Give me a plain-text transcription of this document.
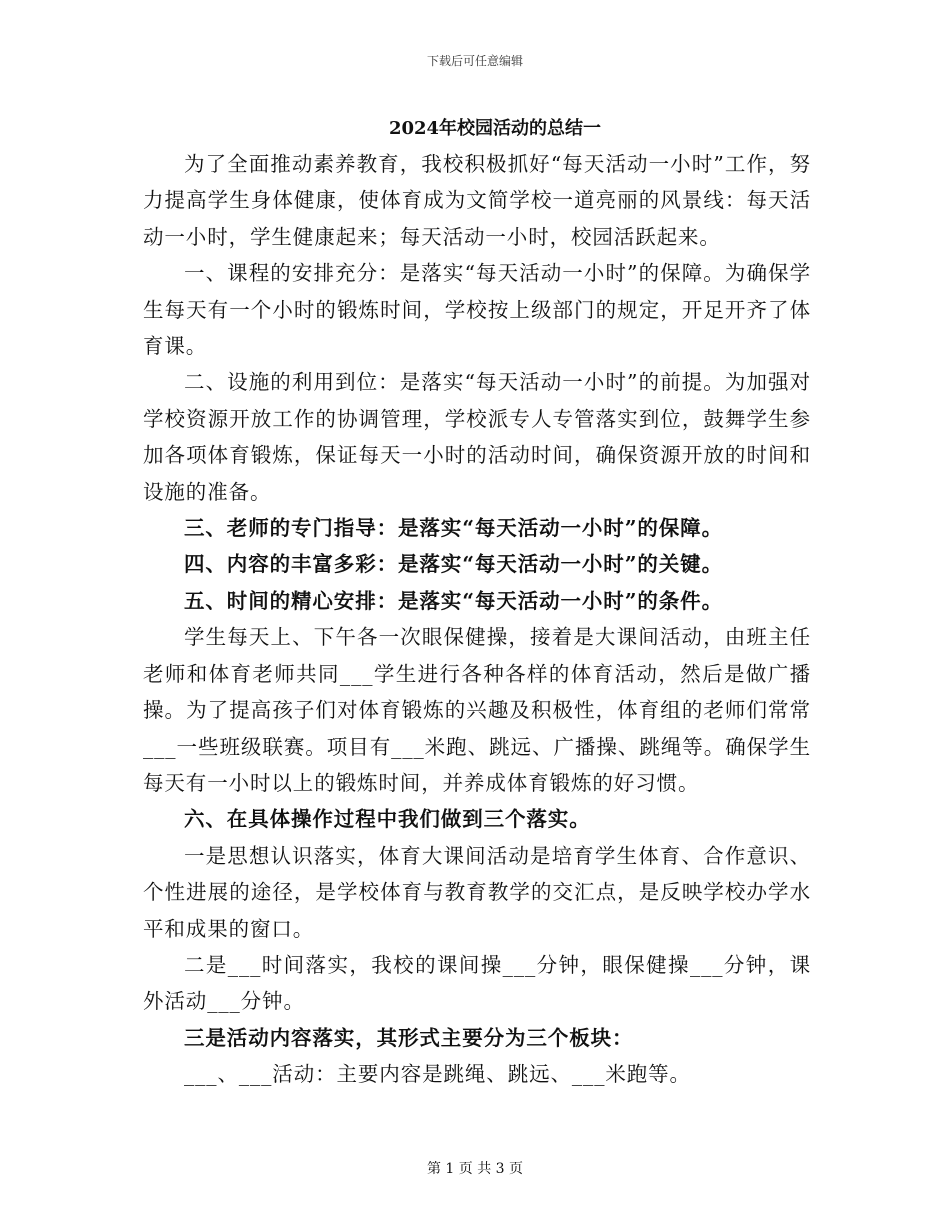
下载后可任意编辑
2024年校园活动的总结一

为了全面推动素养教育，我校积极抓好“每天活动一小时”工作，努力提高学生身体健康，使体育成为文简学校一道亮丽的风景线：每天活动一小时，学生健康起来；每天活动一小时，校园活跃起来。

一、课程的安排充分：是落实“每天活动一小时”的保障。为确保学生每天有一个小时的锻炼时间，学校按上级部门的规定，开足开齐了体育课。

二、设施的利用到位：是落实“每天活动一小时”的前提。为加强对学校资源开放工作的协调管理，学校派专人专管落实到位，鼓舞学生参加各项体育锻炼，保证每天一小时的活动时间，确保资源开放的时间和设施的准备。

三、老师的专门指导：是落实“每天活动一小时”的保障。

四、内容的丰富多彩：是落实“每天活动一小时”的关键。

五、时间的精心安排：是落实“每天活动一小时”的条件。

学生每天上、下午各一次眼保健操，接着是大课间活动，由班主任老师和体育老师共同___学生进行各种各样的体育活动，然后是做广播操。为了提高孩子们对体育锻炼的兴趣及积极性，体育组的老师们常常___一些班级联赛。项目有___米跑、跳远、广播操、跳绳等。确保学生每天有一小时以上的锻炼时间，并养成体育锻炼的好习惯。

六、在具体操作过程中我们做到三个落实。

一是思想认识落实，体育大课间活动是培育学生体育、合作意识、个性进展的途径，是学校体育与教育教学的交汇点，是反映学校办学水平和成果的窗口。

二是___时间落实，我校的课间操___分钟，眼保健操___分钟，课外活动___分钟。

三是活动内容落实，其形式主要分为三个板块：

___、___活动：主要内容是跳绳、跳远、___米跑等。

第 1 页 共 3 页
